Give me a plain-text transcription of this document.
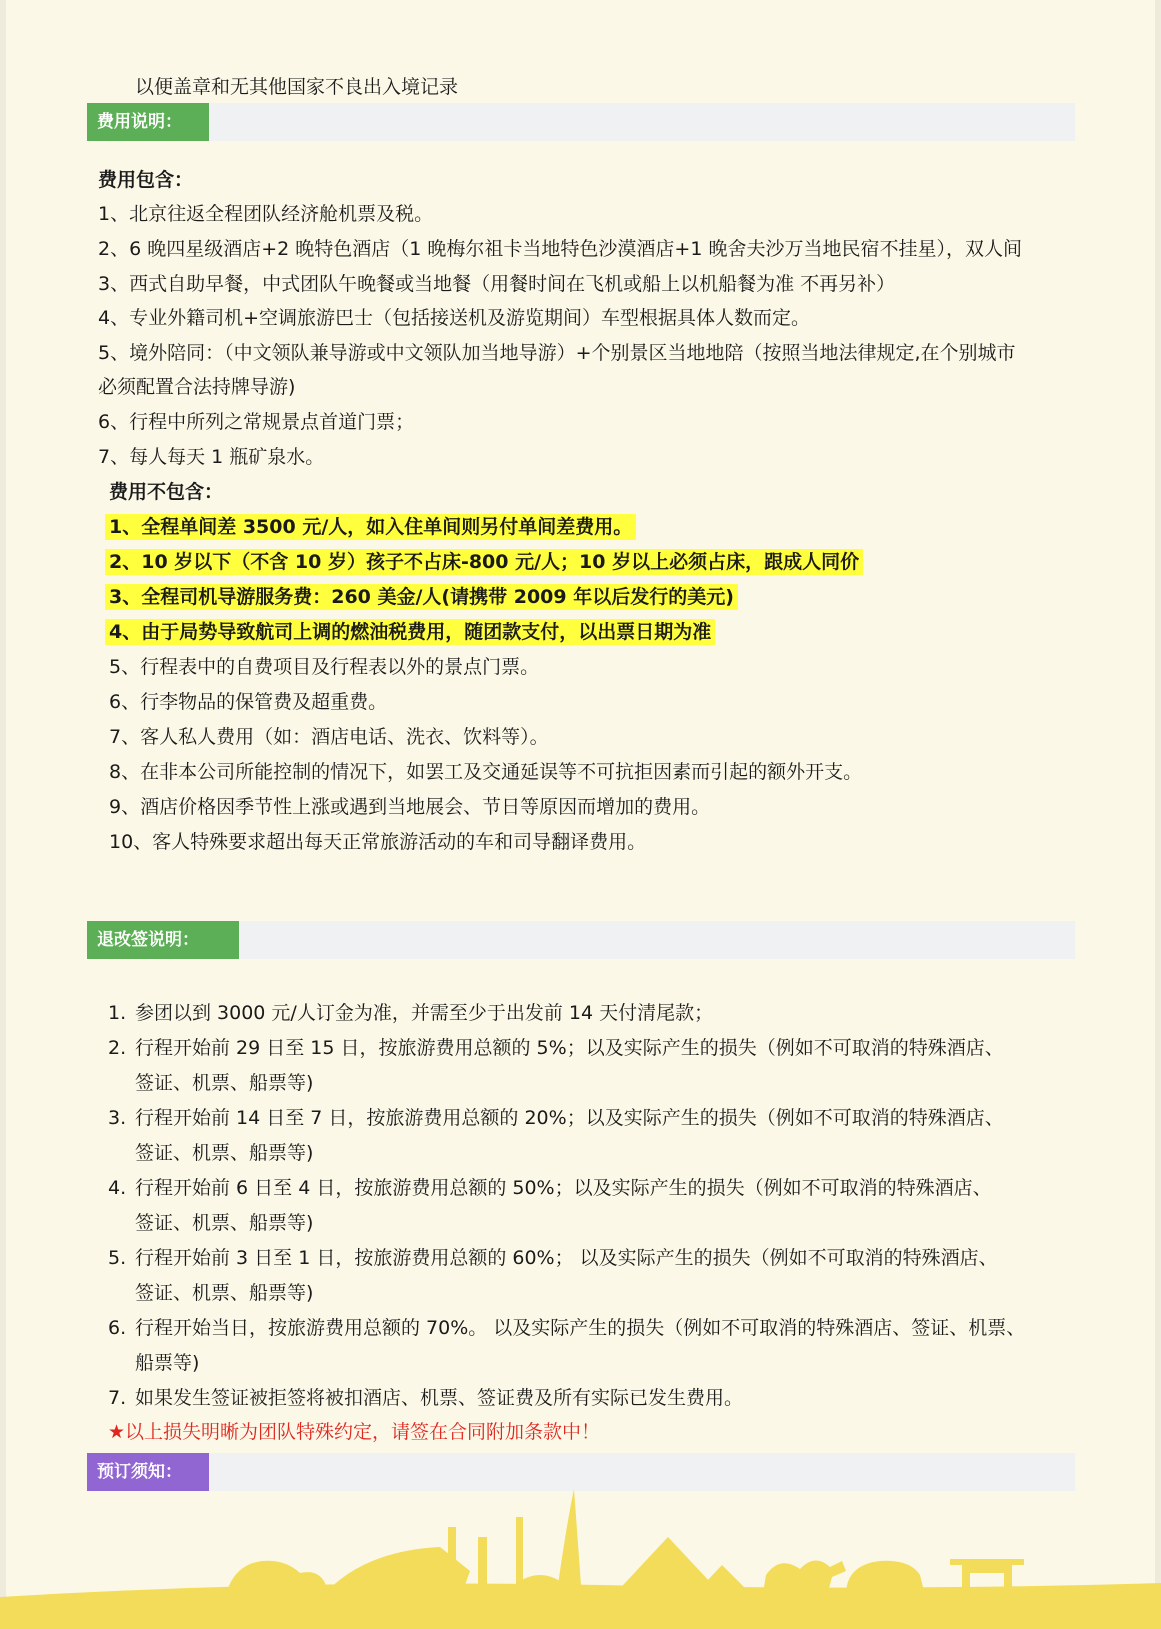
以便盖章和无其他国家不良出入境记录
费用说明：
费用包含：
1、北京往返全程团队经济舱机票及税。
2、6 晚四星级酒店+2 晚特色酒店（1 晚梅尔祖卡当地特色沙漠酒店+1 晚舍夫沙万当地民宿不挂星），双人间
3、西式自助早餐，中式团队午晚餐或当地餐（用餐时间在飞机或船上以机船餐为准 不再另补）
4、专业外籍司机+空调旅游巴士（包括接送机及游览期间）车型根据具体人数而定。
5、境外陪同：（中文领队兼导游或中文领队加当地导游）+个别景区当地地陪（按照当地法律规定,在个别城市
必须配置合法持牌导游)
6、行程中所列之常规景点首道门票；
7、每人每天 1 瓶矿泉水。
费用不包含：
1、全程单间差 3500 元/人，如入住单间则另付单间差费用。
2、10 岁以下（不含 10 岁）孩子不占床-800 元/人；10 岁以上必须占床，跟成人同价
3、全程司机导游服务费：260 美金/人(请携带 2009 年以后发行的美元)
4、由于局势导致航司上调的燃油税费用，随团款支付，以出票日期为准
5、行程表中的自费项目及行程表以外的景点门票。
6、行李物品的保管费及超重费。
7、客人私人费用（如：酒店电话、洗衣、饮料等）。
8、在非本公司所能控制的情况下，如罢工及交通延误等不可抗拒因素而引起的额外开支。
9、酒店价格因季节性上涨或遇到当地展会、节日等原因而增加的费用。
10、客人特殊要求超出每天正常旅游活动的车和司导翻译费用。
退改签说明：
1. 参团以到 3000 元/人订金为准，并需至少于出发前 14 天付清尾款；
2. 行程开始前 29 日至 15 日，按旅游费用总额的 5%；以及实际产生的损失（例如不可取消的特殊酒店、
签证、机票、船票等)
3. 行程开始前 14 日至 7 日，按旅游费用总额的 20%；以及实际产生的损失（例如不可取消的特殊酒店、
签证、机票、船票等)
4. 行程开始前 6 日至 4 日，按旅游费用总额的 50%；以及实际产生的损失（例如不可取消的特殊酒店、
签证、机票、船票等)
5. 行程开始前 3 日至 1 日，按旅游费用总额的 60%； 以及实际产生的损失（例如不可取消的特殊酒店、
签证、机票、船票等)
6. 行程开始当日，按旅游费用总额的 70%。 以及实际产生的损失（例如不可取消的特殊酒店、签证、机票、
船票等)
7. 如果发生签证被拒签将被扣酒店、机票、签证费及所有实际已发生费用。
★以上损失明晰为团队特殊约定，请签在合同附加条款中！
预订须知：
